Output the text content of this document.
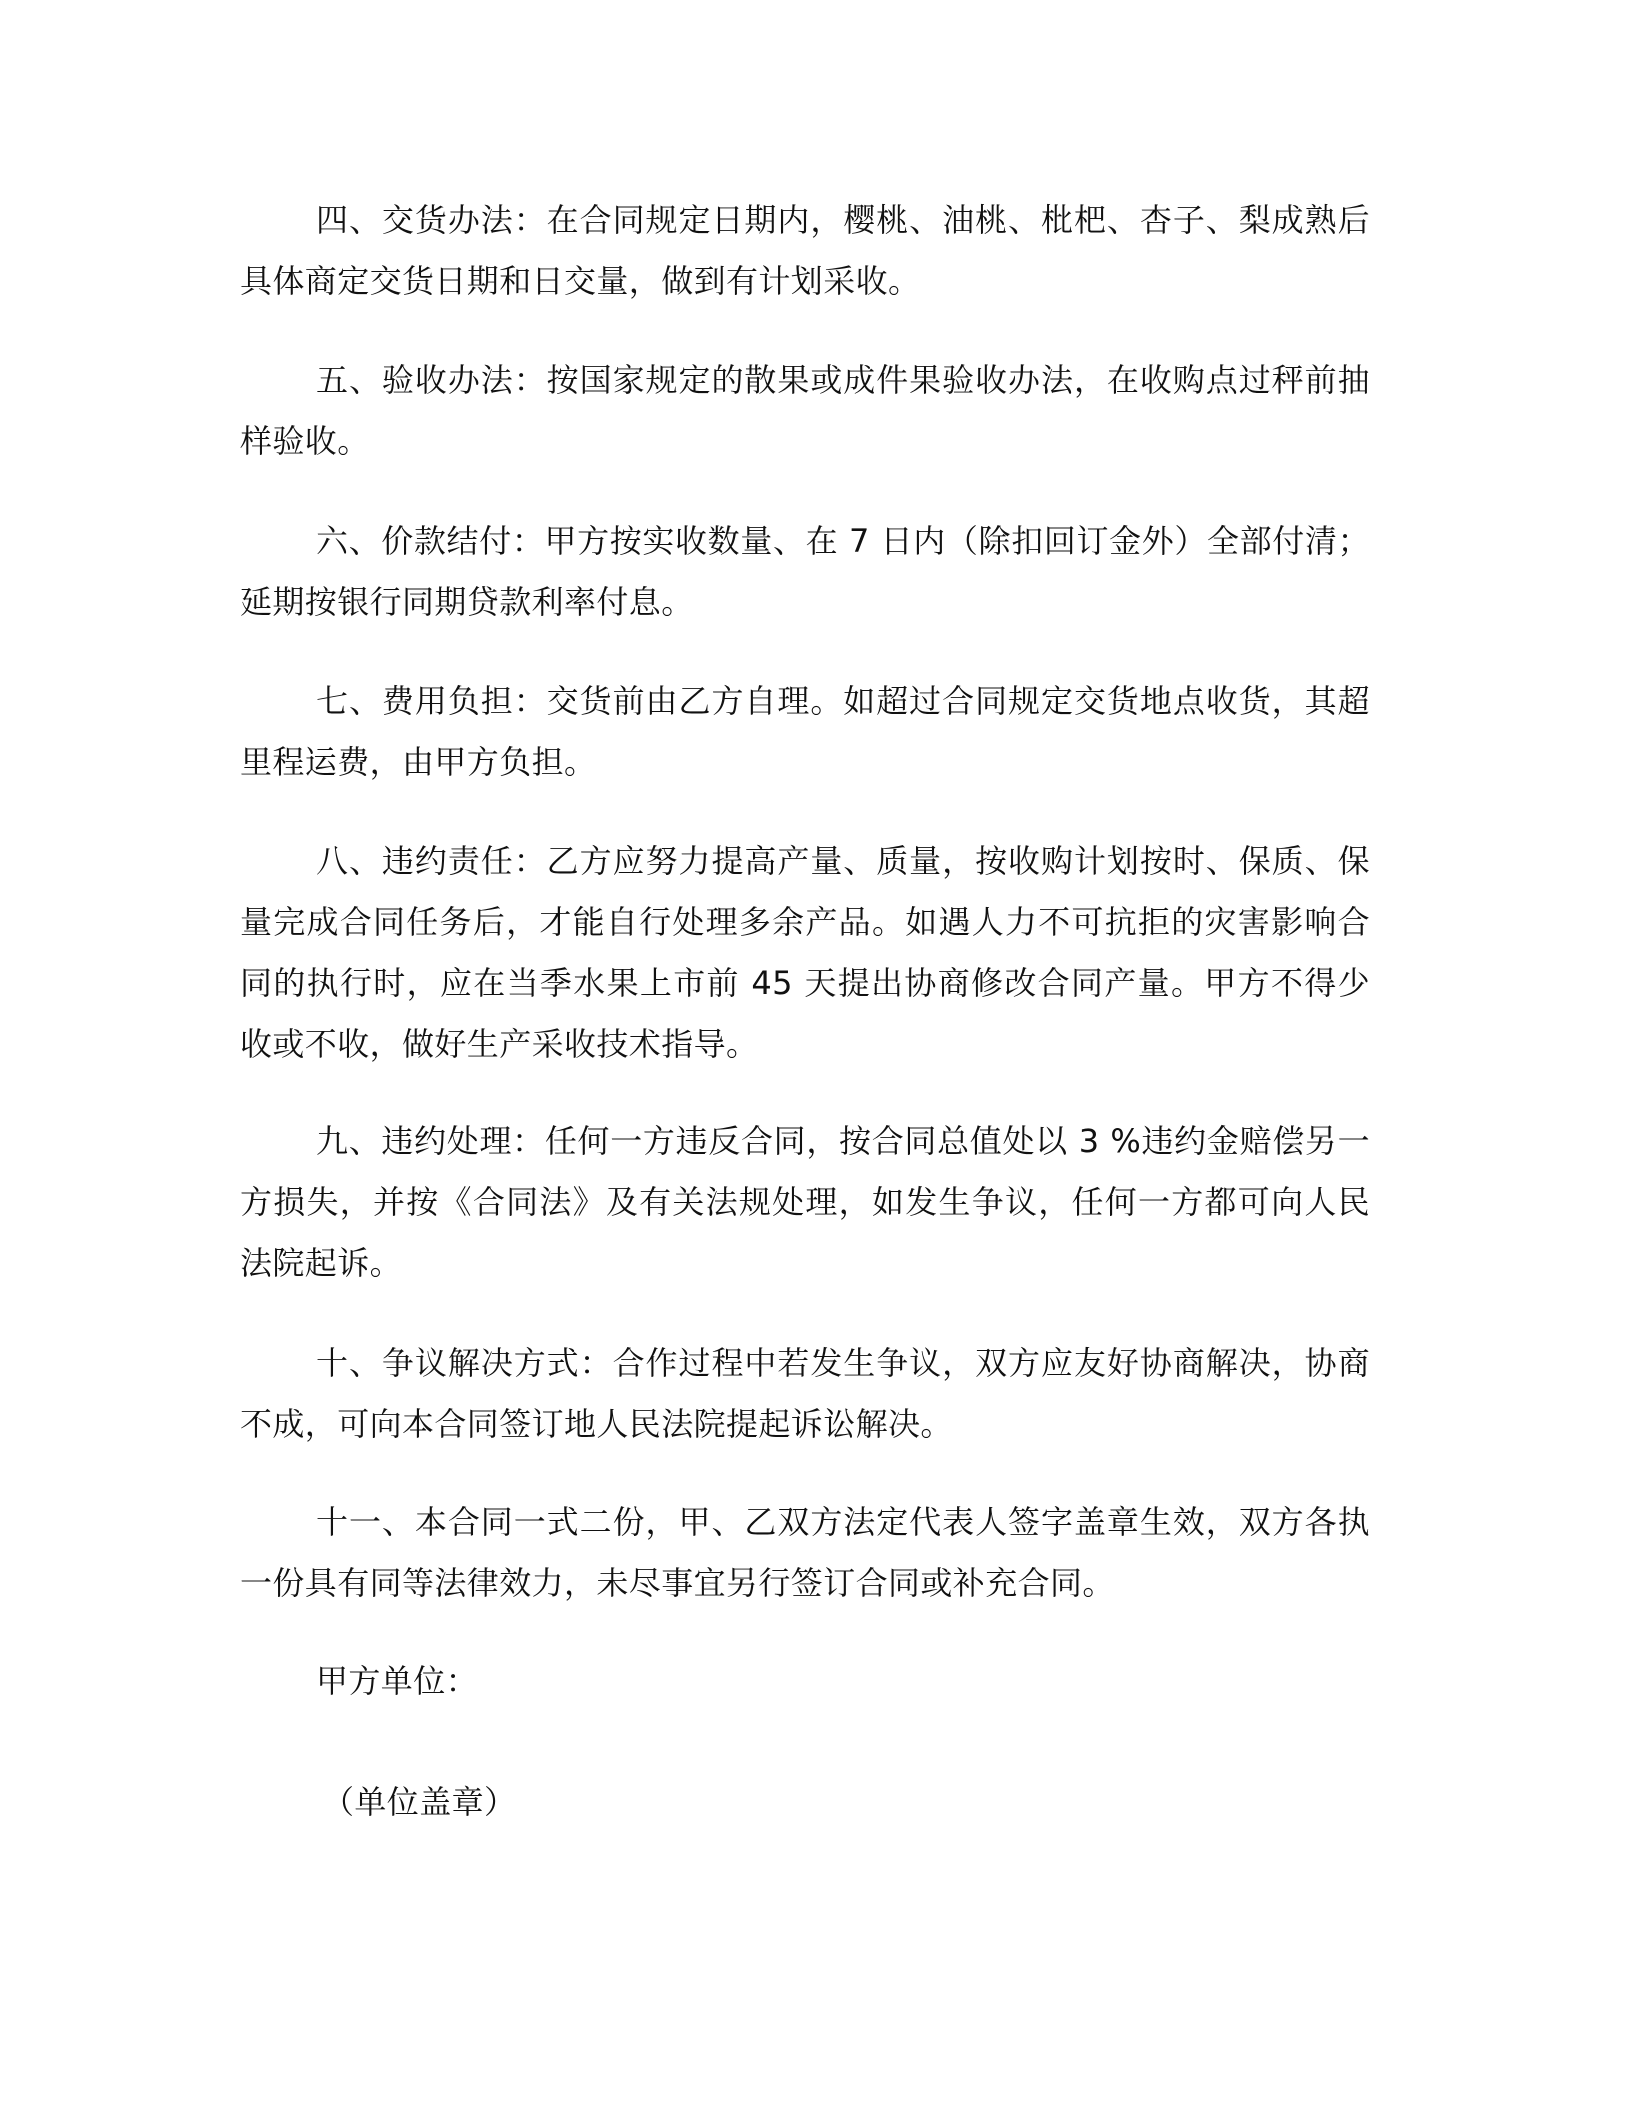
四、交货办法：在合同规定日期内，樱桃、油桃、枇杷、杏子、梨成熟后具体商定交货日期和日交量，做到有计划采收。

五、验收办法：按国家规定的散果或成件果验收办法，在收购点过秤前抽样验收。

六、价款结付：甲方按实收数量、在 7 日内（除扣回订金外）全部付清；延期按银行同期贷款利率付息。

七、费用负担：交货前由乙方自理。如超过合同规定交货地点收货，其超里程运费，由甲方负担。

八、违约责任：乙方应努力提高产量、质量，按收购计划按时、保质、保量完成合同任务后，才能自行处理多余产品。如遇人力不可抗拒的灾害影响合同的执行时，应在当季水果上市前 45 天提出协商修改合同产量。甲方不得少收或不收，做好生产采收技术指导。

九、违约处理：任何一方违反合同，按合同总值处以 3 %违约金赔偿另一方损失，并按《合同法》及有关法规处理，如发生争议，任何一方都可向人民法院起诉。

十、争议解决方式：合作过程中若发生争议，双方应友好协商解决，协商不成，可向本合同签订地人民法院提起诉讼解决。

十一、本合同一式二份，甲、乙双方法定代表人签字盖章生效，双方各执一份具有同等法律效力，未尽事宜另行签订合同或补充合同。

甲方单位：

（单位盖章）
